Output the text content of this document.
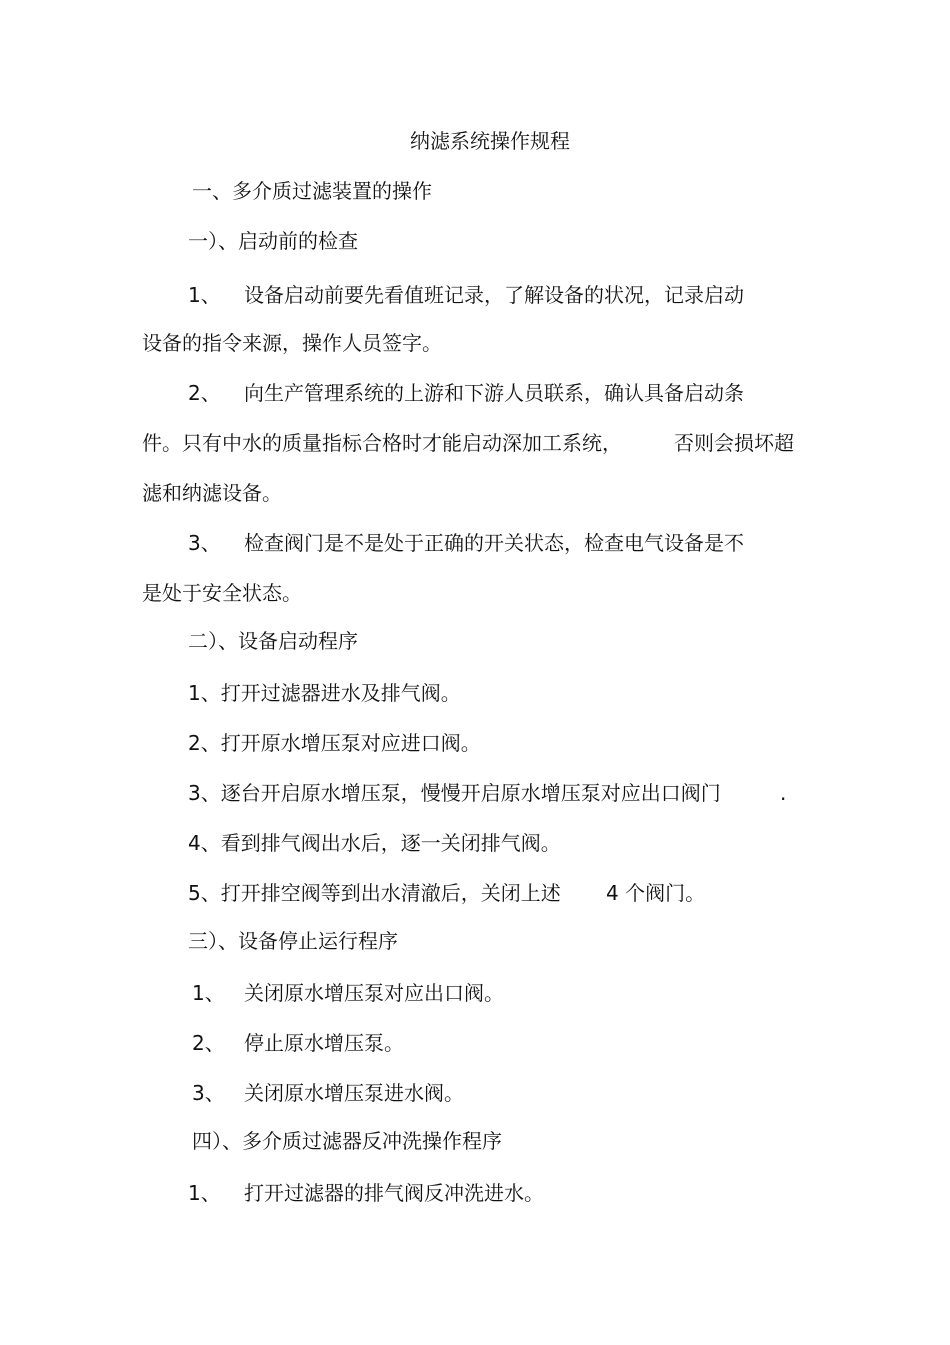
纳滤系统操作规程
一、多介质过滤装置的操作
一）、启动前的检查
1、 设备启动前要先看值班记录，了解设备的状况，记录启动
设备的指令来源，操作人员签字。
2、 向生产管理系统的上游和下游人员联系，确认具备启动条
件。只有中水的质量指标合格时才能启动深加工系统，	否则会损坏超
滤和纳滤设备。
3、 检查阀门是不是处于正确的开关状态，检查电气设备是不
是处于安全状态。
二）、设备启动程序
1、打开过滤器进水及排气阀。
2、打开原水增压泵对应进口阀。
3、逐台开启原水增压泵，慢慢开启原水增压泵对应出口阀门	.
4、看到排气阀出水后，逐一关闭排气阀。
5、打开排空阀等到出水清澈后，关闭上述 4 个阀门。
三）、设备停止运行程序
1、 关闭原水增压泵对应出口阀。
2、 停止原水增压泵。
3、 关闭原水增压泵进水阀。
四）、多介质过滤器反冲洗操作程序
1、 打开过滤器的排气阀反冲洗进水。
